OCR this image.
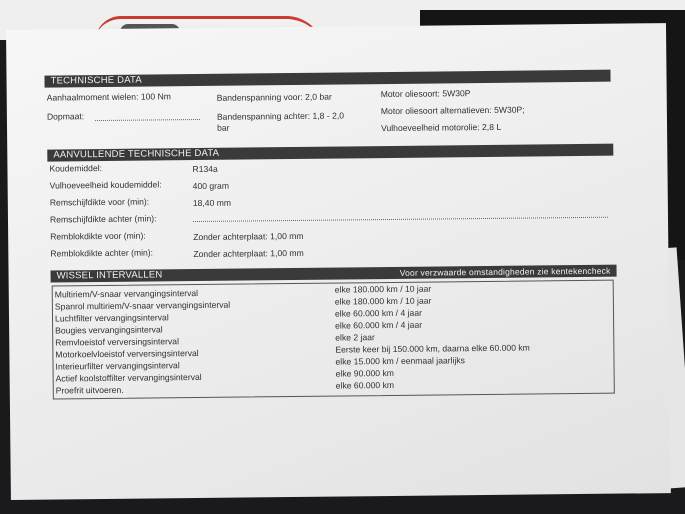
TECHNISCHE DATA
Aanhaalmoment wielen: 100 Nm
Dopmaat:
Bandenspanning voor: 2,0 bar
Bandenspanning achter: 1,8 - 2,0
bar
Motor oliesoort: 5W30P
Motor oliesoort alternatieven: 5W30P;
Vulhoeveelheid motorolie: 2,8 L
AANVULLENDE TECHNISCHE DATA
Koudemiddel:	R134a
Vulhoeveelheid koudemiddel:	400 gram
Remschijfdikte voor (min):	18,40 mm
Remschijfdikte achter (min):
Remblokdikte voor (min):	Zonder achterplaat: 1,00 mm
Remblokdikte achter (min):	Zonder achterplaat: 1,00 mm
WISSEL INTERVALLEN	Voor verzwaarde omstandigheden zie kentekencheck
Multiriem/V-snaar vervangingsinterval	elke 180.000 km / 10 jaar
Spanrol multiriem/V-snaar vervangingsinterval	elke 180.000 km / 10 jaar
Luchtfilter vervangingsinterval	elke 60.000 km / 4 jaar
Bougies vervangingsinterval	elke 60.000 km / 4 jaar
Remvloeistof verversingsinterval	elke 2 jaar
Motorkoelvloeistof verversingsinterval	Eerste keer bij 150.000 km, daarna elke 60.000 km
Interieurfilter vervangingsinterval	elke 15.000 km / eenmaal jaarlijks
Actief koolstoffilter vervangingsinterval	elke 90.000 km
Proefrit uitvoeren.	elke 60.000 km
